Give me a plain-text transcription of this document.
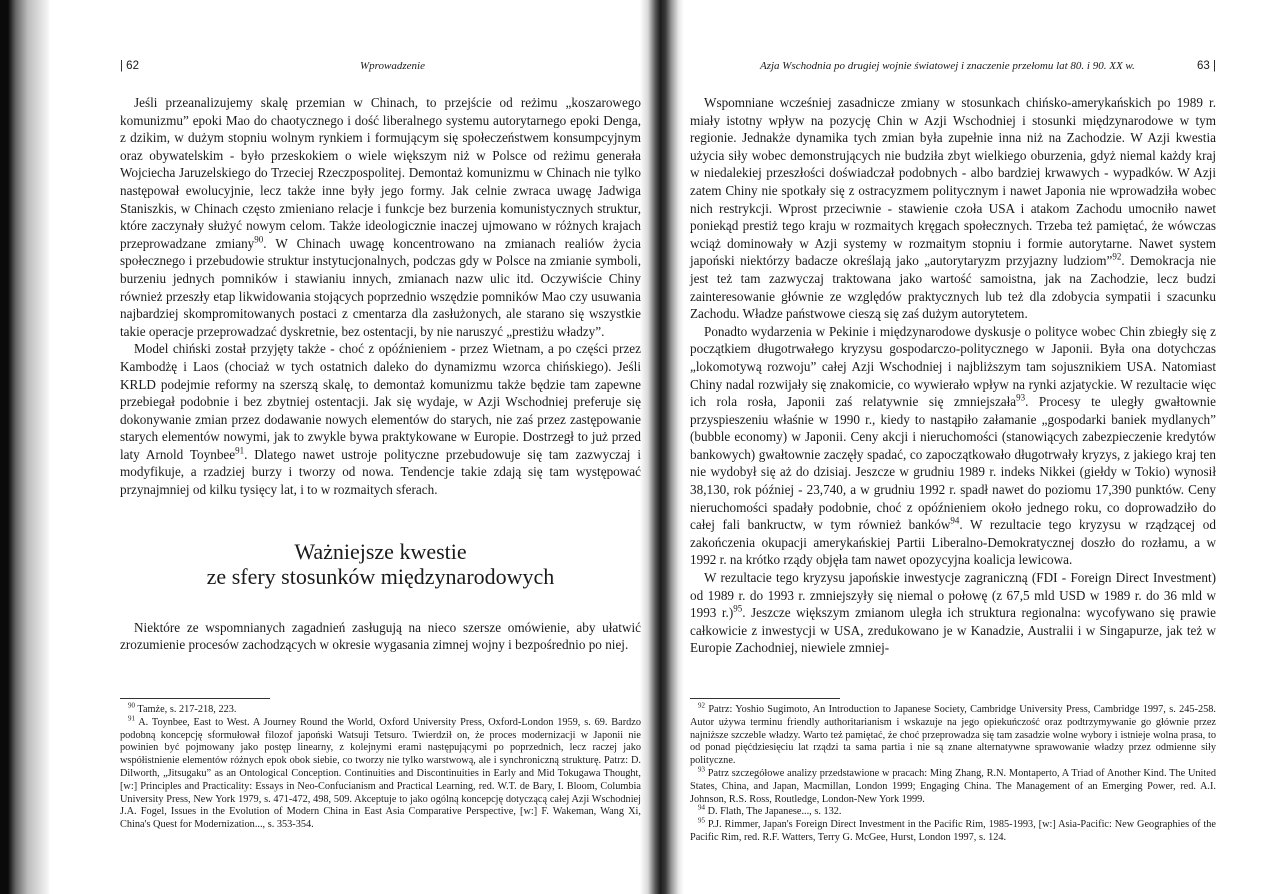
| 62	Wprowadzenie

Jeśli przeanalizujemy skalę przemian w Chinach, to przejście od reżimu „koszarowego komunizmu” epoki Mao do chaotycznego i dość liberalnego systemu autorytarnego epoki Denga, z dzikim, w dużym stopniu wolnym rynkiem i formującym się społeczeństwem konsumpcyjnym oraz obywatelskim - było przeskokiem o wiele większym niż w Polsce od reżimu generała Wojciecha Jaruzelskiego do Trzeciej Rzeczpospolitej. Demontaż komunizmu w Chinach nie tylko następował ewolucyjnie, lecz także inne były jego formy. Jak celnie zwraca uwagę Jadwiga Staniszkis, w Chinach często zmieniano relacje i funkcje bez burzenia komunistycznych struktur, które zaczynały służyć nowym celom. Także ideologicznie inaczej ujmowano w różnych krajach przeprowadzane zmiany$^{90}$. W Chinach uwagę koncentrowano na zmianach realiów życia społecznego i przebudowie struktur instytucjonalnych, podczas gdy w Polsce na zmianie symboli, burzeniu jednych pomników i stawianiu innych, zmianach nazw ulic itd. Oczywiście Chiny również przeszły etap likwidowania stojących poprzednio wszędzie pomników Mao czy usuwania najbardziej skompromitowanych postaci z cmentarza dla zasłużonych, ale starano się wszystkie takie operacje przeprowadzać dyskretnie, bez ostentacji, by nie naruszyć „prestiżu władzy”.

Model chiński został przyjęty także - choć z opóźnieniem - przez Wietnam, a po części przez Kambodżę i Laos (chociaż w tych ostatnich daleko do dynamizmu wzorca chińskiego). Jeśli KRLD podejmie reformy na szerszą skalę, to demontaż komunizmu także będzie tam zapewne przebiegał podobnie i bez zbytniej ostentacji. Jak się wydaje, w Azji Wschodniej preferuje się dokonywanie zmian przez dodawanie nowych elementów do starych, nie zaś przez zastępowanie starych elementów nowymi, jak to zwykle bywa praktykowane w Europie. Dostrzegł to już przed laty Arnold Toynbee$^{91}$. Dlatego nawet ustroje polityczne przebudowuje się tam zazwyczaj i modyfikuje, a rzadziej burzy i tworzy od nowa. Tendencje takie zdają się tam występować przynajmniej od kilku tysięcy lat, i to w rozmaitych sferach.

Ważniejsze kwestie
ze sfery stosunków międzynarodowych

Niektóre ze wspomnianych zagadnień zasługują na nieco szersze omówienie, aby ułatwić zrozumienie procesów zachodzących w okresie wygasania zimnej wojny i bezpośrednio po niej.

$^{90}$ Tamże, s. 217-218, 223.

$^{91}$ A. Toynbee, East to West. A Journey Round the World, Oxford University Press, Oxford-London 1959, s. 69. Bardzo podobną koncepcję sformułował filozof japoński Watsuji Tetsuro. Twierdził on, że proces modernizacji w Japonii nie powinien być pojmowany jako postęp linearny, z kolejnymi erami następującymi po poprzednich, lecz raczej jako współistnienie elementów różnych epok obok siebie, co tworzy nie tylko warstwową, ale i synchroniczną strukturę. Patrz: D. Dilworth, „Jitsugaku” as an Ontological Conception. Continuities and Discontinuities in Early and Mid Tokugawa Thought, [w:] Principles and Practicality: Essays in Neo-Confucianism and Practical Learning, red. W.T. de Bary, I. Bloom, Columbia University Press, New York 1979, s. 471-472, 498, 509. Akceptuje to jako ogólną koncepcję dotyczącą całej Azji Wschodniej J.A. Fogel, Issues in the Evolution of Modern China in East Asia Comparative Perspective, [w:] F. Wakeman, Wang Xi, China's Quest for Modernization..., s. 353-354.

Azja Wschodnia po drugiej wojnie światowej i znaczenie przełomu lat 80. i 90. XX w.	63 |

Wspomniane wcześniej zasadnicze zmiany w stosunkach chińsko-amerykańskich po 1989 r. miały istotny wpływ na pozycję Chin w Azji Wschodniej i stosunki międzynarodowe w tym regionie. Jednakże dynamika tych zmian była zupełnie inna niż na Zachodzie. W Azji kwestia użycia siły wobec demonstrujących nie budziła zbyt wielkiego oburzenia, gdyż niemal każdy kraj w niedalekiej przeszłości doświadczał podobnych - albo bardziej krwawych - wypadków. W Azji zatem Chiny nie spotkały się z ostracyzmem politycznym i nawet Japonia nie wprowadziła wobec nich restrykcji. Wprost przeciwnie - stawienie czoła USA i atakom Zachodu umocniło nawet poniekąd prestiż tego kraju w rozmaitych kręgach społecznych. Trzeba też pamiętać, że wówczas wciąż dominowały w Azji systemy w rozmaitym stopniu i formie autorytarne. Nawet system japoński niektórzy badacze określają jako „autorytaryzm przyjazny ludziom”$^{92}$. Demokracja nie jest też tam zazwyczaj traktowana jako wartość samoistna, jak na Zachodzie, lecz budzi zainteresowanie głównie ze względów praktycznych lub też dla zdobycia sympatii i szacunku Zachodu. Władze państwowe cieszą się zaś dużym autorytetem.

Ponadto wydarzenia w Pekinie i międzynarodowe dyskusje o polityce wobec Chin zbiegły się z początkiem długotrwałego kryzysu gospodarczo-politycznego w Japonii. Była ona dotychczas „lokomotywą rozwoju” całej Azji Wschodniej i najbliższym tam sojusznikiem USA. Natomiast Chiny nadal rozwijały się znakomicie, co wywierało wpływ na rynki azjatyckie. W rezultacie więc ich rola rosła, Japonii zaś relatywnie się zmniejszała$^{93}$. Procesy te uległy gwałtownie przyspieszeniu właśnie w 1990 r., kiedy to nastąpiło załamanie „gospodarki baniek mydlanych” (bubble economy) w Japonii. Ceny akcji i nieruchomości (stanowiących zabezpieczenie kredytów bankowych) gwałtownie zaczęły spadać, co zapoczątkowało długotrwały kryzys, z jakiego kraj ten nie wydobył się aż do dzisiaj. Jeszcze w grudniu 1989 r. indeks Nikkei (giełdy w Tokio) wynosił 38,130, rok później - 23,740, a w grudniu 1992 r. spadł nawet do poziomu 17,390 punktów. Ceny nieruchomości spadały podobnie, choć z opóźnieniem około jednego roku, co doprowadziło do całej fali bankructw, w tym również banków$^{94}$. W rezultacie tego kryzysu w rządzącej od zakończenia okupacji amerykańskiej Partii Liberalno-Demokratycznej doszło do rozłamu, a w 1992 r. na krótko rządy objęła tam nawet opozycyjna koalicja lewicowa.

W rezultacie tego kryzysu japońskie inwestycje zagraniczną (FDI - Foreign Direct Investment) od 1989 r. do 1993 r. zmniejszyły się niemal o połowę (z 67,5 mld USD w 1989 r. do 36 mld w 1993 r.)$^{95}$. Jeszcze większym zmianom uległa ich struktura regionalna: wycofywano się prawie całkowicie z inwestycji w USA, zredukowano je w Kanadzie, Australii i w Singapurze, jak też w Europie Zachodniej, niewiele zmniej-

$^{92}$ Patrz: Yoshio Sugimoto, An Introduction to Japanese Society, Cambridge University Press, Cambridge 1997, s. 245-258. Autor używa terminu friendly authoritarianism i wskazuje na jego opiekuńczość oraz podtrzymywanie go głównie przez najniższe szczeble władzy. Warto też pamiętać, że choć przeprowadza się tam zasadzie wolne wybory i istnieje wolna prasa, to od ponad pięćdziesięciu lat rządzi ta sama partia i nie są znane alternatywne sprawowanie władzy przez odmienne siły polityczne.

$^{93}$ Patrz szczegółowe analizy przedstawione w pracach: Ming Zhang, R.N. Montaperto, A Triad of Another Kind. The United States, China, and Japan, Macmillan, London 1999; Engaging China. The Management of an Emerging Power, red. A.I. Johnson, R.S. Ross, Routledge, London-New York 1999.

$^{94}$ D. Flath, The Japanese..., s. 132.

$^{95}$ P.J. Rimmer, Japan's Foreign Direct Investment in the Pacific Rim, 1985-1993, [w:] Asia-Pacific: New Geographies of the Pacific Rim, red. R.F. Watters, Terry G. McGee, Hurst, London 1997, s. 124.
